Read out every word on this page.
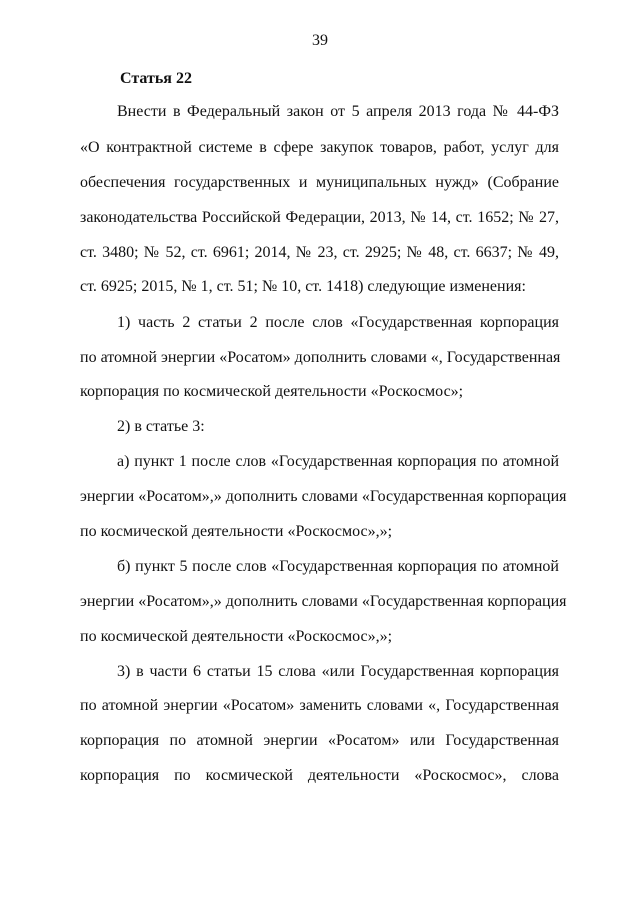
39
Статья 22
Внести в Федеральный закон от 5 апреля 2013 года № 44-ФЗ
«О контрактной системе в сфере закупок товаров, работ, услуг для
обеспечения государственных и муниципальных нужд» (Собрание
законодательства Российской Федерации, 2013, № 14, ст. 1652; № 27,
ст. 3480; № 52, ст. 6961; 2014, № 23, ст. 2925; № 48, ст. 6637; № 49,
ст. 6925; 2015, № 1, ст. 51; № 10, ст. 1418) следующие изменения:
1) часть 2 статьи 2 после слов «Государственная корпорация
по атомной энергии «Росатом» дополнить словами «, Государственная
корпорация по космической деятельности «Роскосмос»;
2) в статье 3:
а) пункт 1 после слов «Государственная корпорация по атомной
энергии «Росатом»,» дополнить словами «Государственная корпорация
по космической деятельности «Роскосмос»,»;
б) пункт 5 после слов «Государственная корпорация по атомной
энергии «Росатом»,» дополнить словами «Государственная корпорация
по космической деятельности «Роскосмос»,»;
3) в части 6 статьи 15 слова «или Государственная корпорация
по атомной энергии «Росатом» заменить словами «, Государственная
корпорация по атомной энергии «Росатом» или Государственная
корпорация по космической деятельности «Роскосмос», слова
